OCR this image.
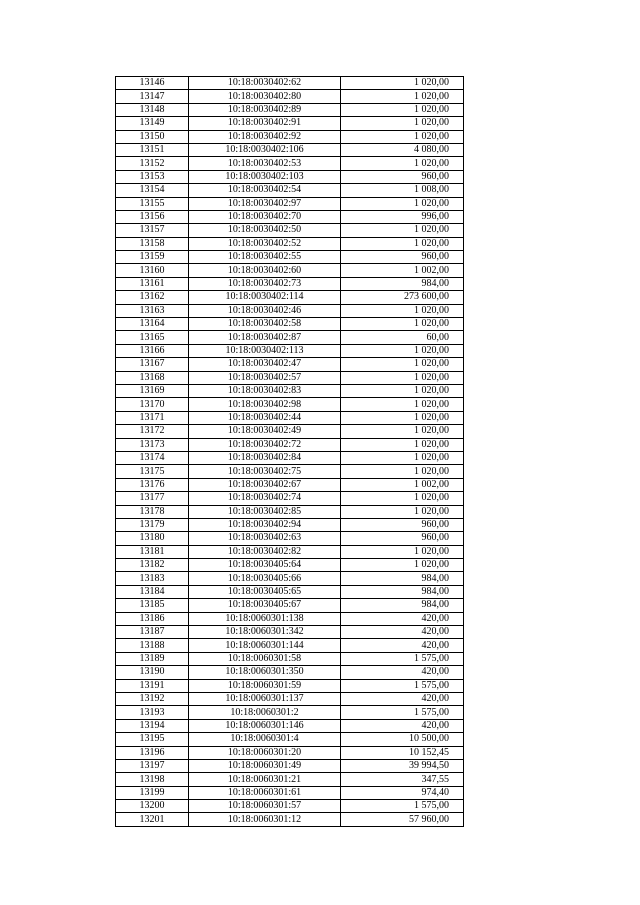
13146	10:18:0030402:62	1 020,00
13147	10:18:0030402:80	1 020,00
13148	10:18:0030402:89	1 020,00
13149	10:18:0030402:91	1 020,00
13150	10:18:0030402:92	1 020,00
13151	10:18:0030402:106	4 080,00
13152	10:18:0030402:53	1 020,00
13153	10:18:0030402:103	960,00
13154	10:18:0030402:54	1 008,00
13155	10:18:0030402:97	1 020,00
13156	10:18:0030402:70	996,00
13157	10:18:0030402:50	1 020,00
13158	10:18:0030402:52	1 020,00
13159	10:18:0030402:55	960,00
13160	10:18:0030402:60	1 002,00
13161	10:18:0030402:73	984,00
13162	10:18:0030402:114	273 600,00
13163	10:18:0030402:46	1 020,00
13164	10:18:0030402:58	1 020,00
13165	10:18:0030402:87	60,00
13166	10:18:0030402:113	1 020,00
13167	10:18:0030402:47	1 020,00
13168	10:18:0030402:57	1 020,00
13169	10:18:0030402:83	1 020,00
13170	10:18:0030402:98	1 020,00
13171	10:18:0030402:44	1 020,00
13172	10:18:0030402:49	1 020,00
13173	10:18:0030402:72	1 020,00
13174	10:18:0030402:84	1 020,00
13175	10:18:0030402:75	1 020,00
13176	10:18:0030402:67	1 002,00
13177	10:18:0030402:74	1 020,00
13178	10:18:0030402:85	1 020,00
13179	10:18:0030402:94	960,00
13180	10:18:0030402:63	960,00
13181	10:18:0030402:82	1 020,00
13182	10:18:0030405:64	1 020,00
13183	10:18:0030405:66	984,00
13184	10:18:0030405:65	984,00
13185	10:18:0030405:67	984,00
13186	10:18:0060301:138	420,00
13187	10:18:0060301:342	420,00
13188	10:18:0060301:144	420,00
13189	10:18:0060301:58	1 575,00
13190	10:18:0060301:350	420,00
13191	10:18:0060301:59	1 575,00
13192	10:18:0060301:137	420,00
13193	10:18:0060301:2	1 575,00
13194	10:18:0060301:146	420,00
13195	10:18:0060301:4	10 500,00
13196	10:18:0060301:20	10 152,45
13197	10:18:0060301:49	39 994,50
13198	10:18:0060301:21	347,55
13199	10:18:0060301:61	974,40
13200	10:18:0060301:57	1 575,00
13201	10:18:0060301:12	57 960,00
